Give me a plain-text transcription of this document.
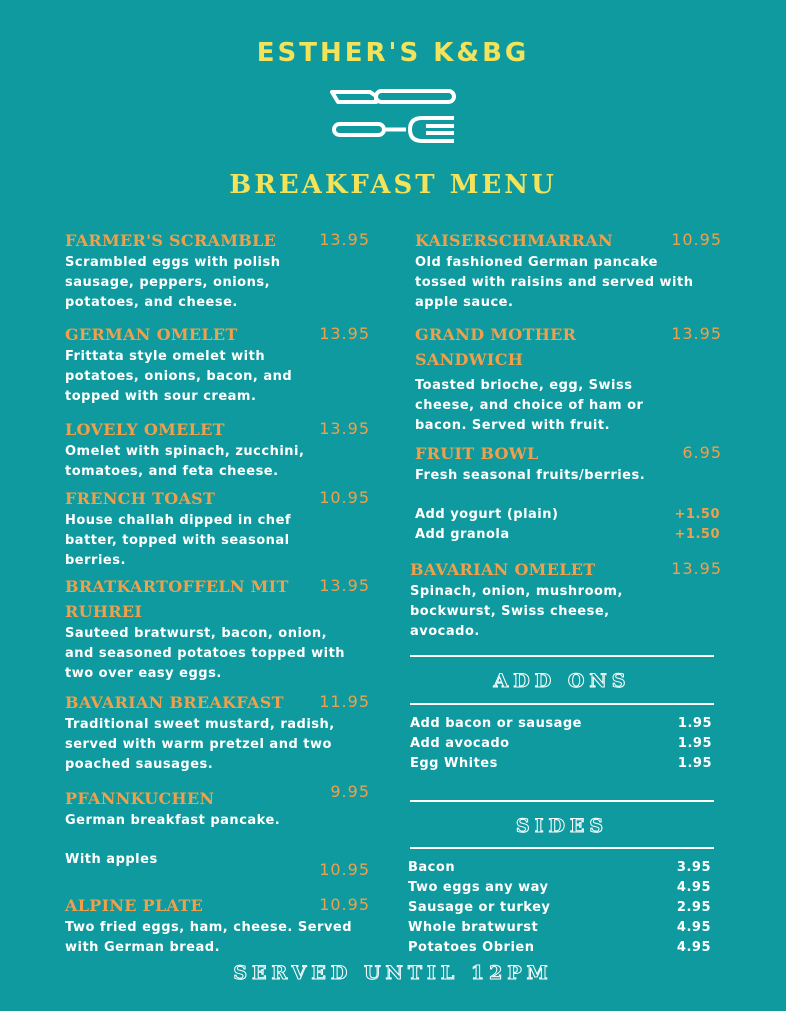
ESTHER'S K&BG
BREAKFAST MENU
FARMER'S SCRAMBLE	13.95
Scrambled eggs with polish sausage, peppers, onions, potatoes, and cheese.
GERMAN OMELET	13.95
Frittata style omelet with potatoes, onions, bacon, and topped with sour cream.
LOVELY OMELET	13.95
Omelet with spinach, zucchini, tomatoes, and feta cheese.
FRENCH TOAST	10.95
House challah dipped in chef batter, topped with seasonal berries.
BRATKARTOFFELN MIT RUHREI
13.95
Sauteed bratwurst, bacon, onion, and seasoned potatoes topped with two over easy eggs.
BAVARIAN BREAKFAST	11.95
Traditional sweet mustard, radish, served with warm pretzel and two poached sausages.
PFANNKUCHEN	9.95
German breakfast pancake.
With apples
10.95
ALPINE PLATE	10.95
Two fried eggs, ham, cheese. Served with German bread.
KAISERSCHMARRAN	10.95
Old fashioned German pancake tossed with raisins and served with apple sauce.
GRAND MOTHER SANDWICH
13.95
Toasted brioche, egg, Swiss cheese, and choice of ham or bacon. Served with fruit.
FRUIT BOWL	6.95
Fresh seasonal fruits/berries.
Add yogurt (plain)	+1.50
Add granola	+1.50
BAVARIAN OMELET	13.95
Spinach, onion, mushroom, bockwurst, Swiss cheese, avocado.
ADD ONS
Add bacon or sausage	1.95
Add avocado	1.95
Egg Whites	1.95
SIDES
Bacon	3.95
Two eggs any way	4.95
Sausage or turkey	2.95
Whole bratwurst	4.95
Potatoes Obrien	4.95
SERVED UNTIL 12PM
